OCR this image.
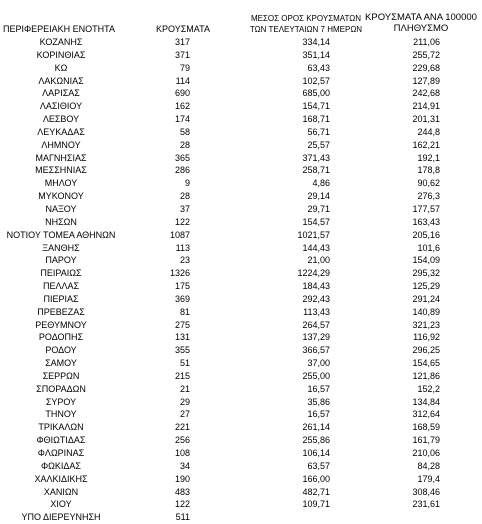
ΠΕΡΙΦΕΡΕΙΑΚΗ ΕΝΟΤΗΤΑ	ΚΡΟΥΣΜΑΤΑ
ΜΕΣΟΣ ΟΡΟΣ ΚΡΟΥΣΜΑΤΩΝ
ΤΩΝ ΤΕΛΕΥΤΑΙΩΝ 7 ΗΜΕΡΩΝ
ΚΡΟΥΣΜΑΤΑ ΑΝΑ 100000
ΠΛΗΘΥΣΜΟ
ΚΟΖΑΝΗΣ	317	334,14	211,06
ΚΟΡΙΝΘΙΑΣ	371	351,14	255,72
ΚΩ	79	63,43	229,68
ΛΑΚΩΝΙΑΣ	114	102,57	127,89
ΛΑΡΙΣΑΣ	690	685,00	242,68
ΛΑΣΙΘΙΟΥ	162	154,71	214,91
ΛΕΣΒΟΥ	174	168,71	201,31
ΛΕΥΚΑΔΑΣ	58	56,71	244,8
ΛΗΜΝΟΥ	28	25,57	162,21
ΜΑΓΝΗΣΙΑΣ	365	371,43	192,1
ΜΕΣΣΗΝΙΑΣ	286	258,71	178,8
ΜΗΛΟΥ	9	4,86	90,62
ΜΥΚΟΝΟΥ	28	29,14	276,3
ΝΑΞΟΥ	37	29,71	177,57
ΝΗΣΩΝ	122	154,57	163,43
ΝΟΤΙΟΥ ΤΟΜΕΑ ΑΘΗΝΩΝ	1087	1021,57	205,16
ΞΑΝΘΗΣ	113	144,43	101,6
ΠΑΡΟΥ	23	21,00	154,09
ΠΕΙΡΑΙΩΣ	1326	1224,29	295,32
ΠΕΛΛΑΣ	175	184,43	125,29
ΠΙΕΡΙΑΣ	369	292,43	291,24
ΠΡΕΒΕΖΑΣ	81	113,43	140,89
ΡΕΘΥΜΝΟΥ	275	264,57	321,23
ΡΟΔΟΠΗΣ	131	137,29	116,92
ΡΟΔΟΥ	355	366,57	296,25
ΣΑΜΟΥ	51	37,00	154,65
ΣΕΡΡΩΝ	215	255,00	121,86
ΣΠΟΡΑΔΩΝ	21	16,57	152,2
ΣΥΡΟΥ	29	35,86	134,84
ΤΗΝΟΥ	27	16,57	312,64
ΤΡΙΚΑΛΩΝ	221	261,14	168,59
ΦΘΙΩΤΙΔΑΣ	256	255,86	161,79
ΦΛΩΡΙΝΑΣ	108	106,14	210,06
ΦΩΚΙΔΑΣ	34	63,57	84,28
ΧΑΛΚΙΔΙΚΗΣ	190	166,00	179,4
ΧΑΝΙΩΝ	483	482,71	308,46
ΧΙΟΥ	122	109,71	231,61
ΥΠΟ ΔΙΕΡΕΥΝΗΣΗ	511
